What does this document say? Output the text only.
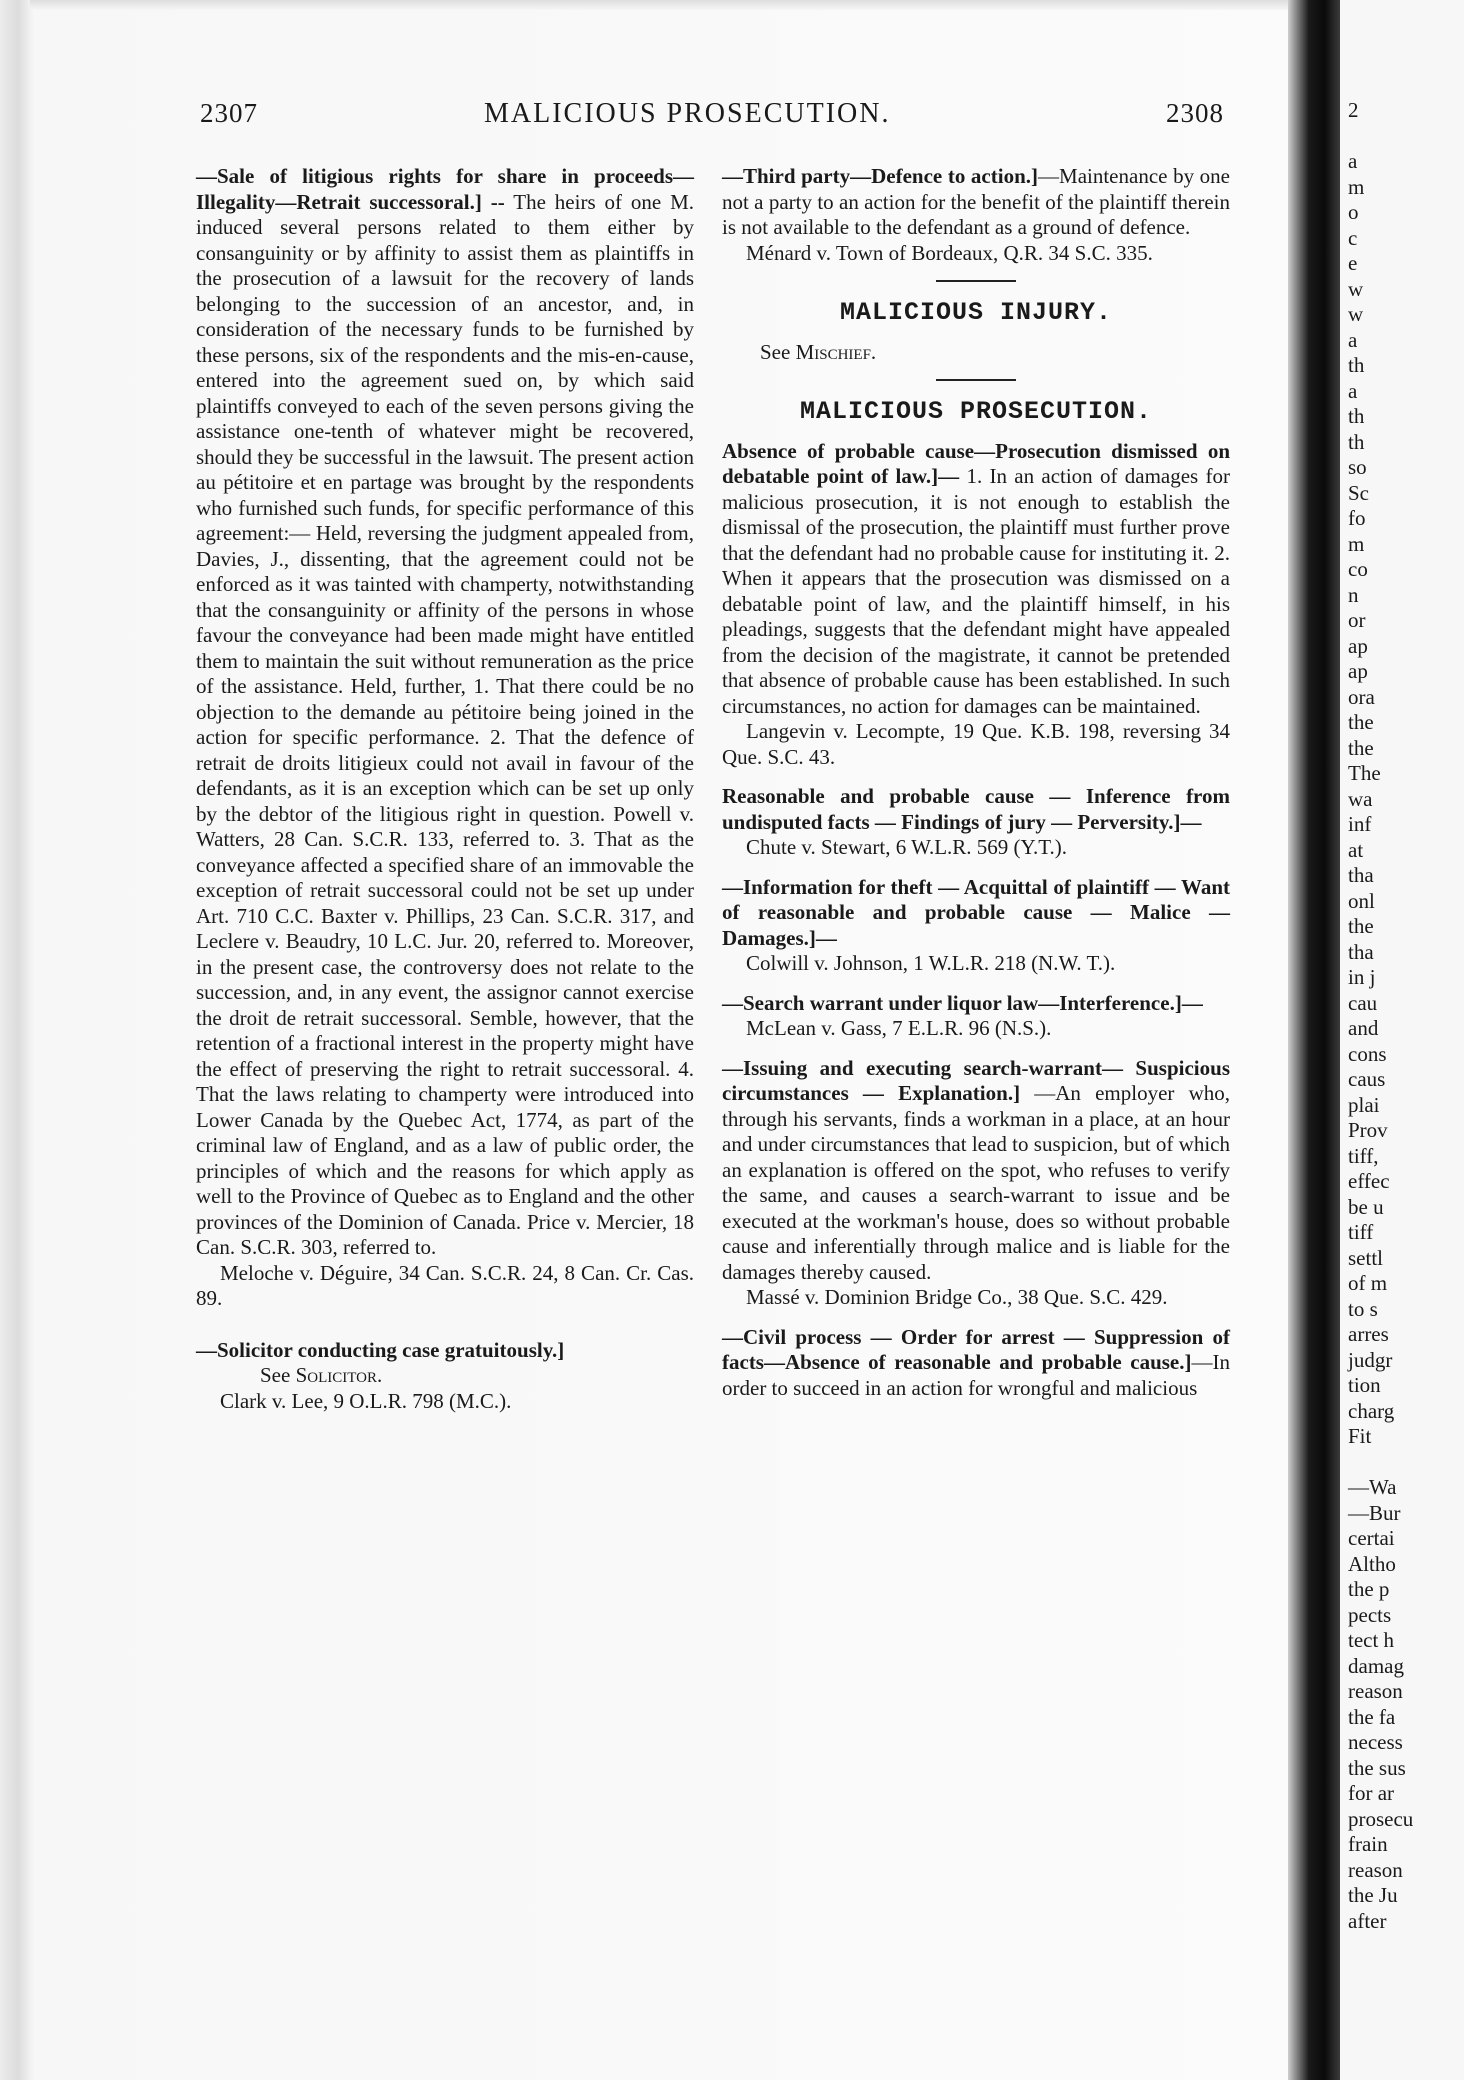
2307	MALICIOUS PROSECUTION.	2308

—Sale of litigious rights for share in proceeds—Illegality—Retrait successoral.] -- The heirs of one M. induced several persons related to them either by consanguinity or by affinity to assist them as plaintiffs in the prosecution of a lawsuit for the recovery of lands belonging to the succession of an ancestor, and, in consideration of the necessary funds to be furnished by these persons, six of the respondents and the mis-en-cause, entered into the agreement sued on, by which said plaintiffs conveyed to each of the seven persons giving the assistance one-tenth of whatever might be recovered, should they be successful in the lawsuit. The present action au pétitoire et en partage was brought by the respondents who furnished such funds, for specific performance of this agreement:— Held, reversing the judgment appealed from, Davies, J., dissenting, that the agreement could not be enforced as it was tainted with champerty, notwithstanding that the consanguinity or affinity of the persons in whose favour the conveyance had been made might have entitled them to maintain the suit without remuneration as the price of the assistance. Held, further, 1. That there could be no objection to the demande au pétitoire being joined in the action for specific performance. 2. That the defence of retrait de droits litigieux could not avail in favour of the defendants, as it is an exception which can be set up only by the debtor of the litigious right in question. Powell v. Watters, 28 Can. S.C.R. 133, referred to. 3. That as the conveyance affected a specified share of an immovable the exception of retrait successoral could not be set up under Art. 710 C.C. Baxter v. Phillips, 23 Can. S.C.R. 317, and Leclere v. Beaudry, 10 L.C. Jur. 20, referred to. Moreover, in the present case, the controversy does not relate to the succession, and, in any event, the assignor cannot exercise the droit de retrait successoral. Semble, however, that the retention of a fractional interest in the property might have the effect of preserving the right to retrait successoral. 4. That the laws relating to champerty were introduced into Lower Canada by the Quebec Act, 1774, as part of the criminal law of England, and as a law of public order, the principles of which and the reasons for which apply as well to the Province of Quebec as to England and the other provinces of the Dominion of Canada. Price v. Mercier, 18 Can. S.C.R. 303, referred to.

Meloche v. Déguire, 34 Can. S.C.R. 24, 8 Can. Cr. Cas. 89.

—Solicitor conducting case gratuitously.]

See Solicitor.

Clark v. Lee, 9 O.L.R. 798 (M.C.).

—Third party—Defence to action.]—Maintenance by one not a party to an action for the benefit of the plaintiff therein is not available to the defendant as a ground of defence.

Ménard v. Town of Bordeaux, Q.R. 34 S.C. 335.

MALICIOUS INJURY.

See Mischief.

MALICIOUS PROSECUTION.

Absence of probable cause—Prosecution dismissed on debatable point of law.]— 1. In an action of damages for malicious prosecution, it is not enough to establish the dismissal of the prosecution, the plaintiff must further prove that the defendant had no probable cause for instituting it. 2. When it appears that the prosecution was dismissed on a debatable point of law, and the plaintiff himself, in his pleadings, suggests that the defendant might have appealed from the decision of the magistrate, it cannot be pretended that absence of probable cause has been established. In such circumstances, no action for damages can be maintained.

Langevin v. Lecompte, 19 Que. K.B. 198, reversing 34 Que. S.C. 43.

Reasonable and probable cause — Inference from undisputed facts — Findings of jury — Perversity.]—

Chute v. Stewart, 6 W.L.R. 569 (Y.T.).

—Information for theft — Acquittal of plaintiff — Want of reasonable and probable cause — Malice — Damages.]—

Colwill v. Johnson, 1 W.L.R. 218 (N.W. T.).

—Search warrant under liquor law—Interference.]—

McLean v. Gass, 7 E.L.R. 96 (N.S.).

—Issuing and executing search-warrant— Suspicious circumstances — Explanation.] —An employer who, through his servants, finds a workman in a place, at an hour and under circumstances that lead to suspicion, but of which an explanation is offered on the spot, who refuses to verify the same, and causes a search-warrant to issue and be executed at the workman's house, does so without probable cause and inferentially through malice and is liable for the damages thereby caused.

Massé v. Dominion Bridge Co., 38 Que. S.C. 429.

—Civil process — Order for arrest — Suppression of facts—Absence of reasonable and probable cause.]—In order to succeed in an action for wrongful and malicious

2

a
m
o
c
e
w
w
a
th
a
th
th
so
Sc
fo
m
co
n
or
ap
ap
ora
the
the
The
wa
inf
at
tha
onl
the
tha
in j
cau
and
cons
caus
plai
Prov
tiff,
effec
be u
tiff
settl
of m
to s
arres
judgr
tion
charg
Fit

—Wa
—Bur
certai
Altho
the p
pects
tect h
damag
reason
the fa
necess
the sus
for ar
prosecu
frain
reason
the Ju
after
